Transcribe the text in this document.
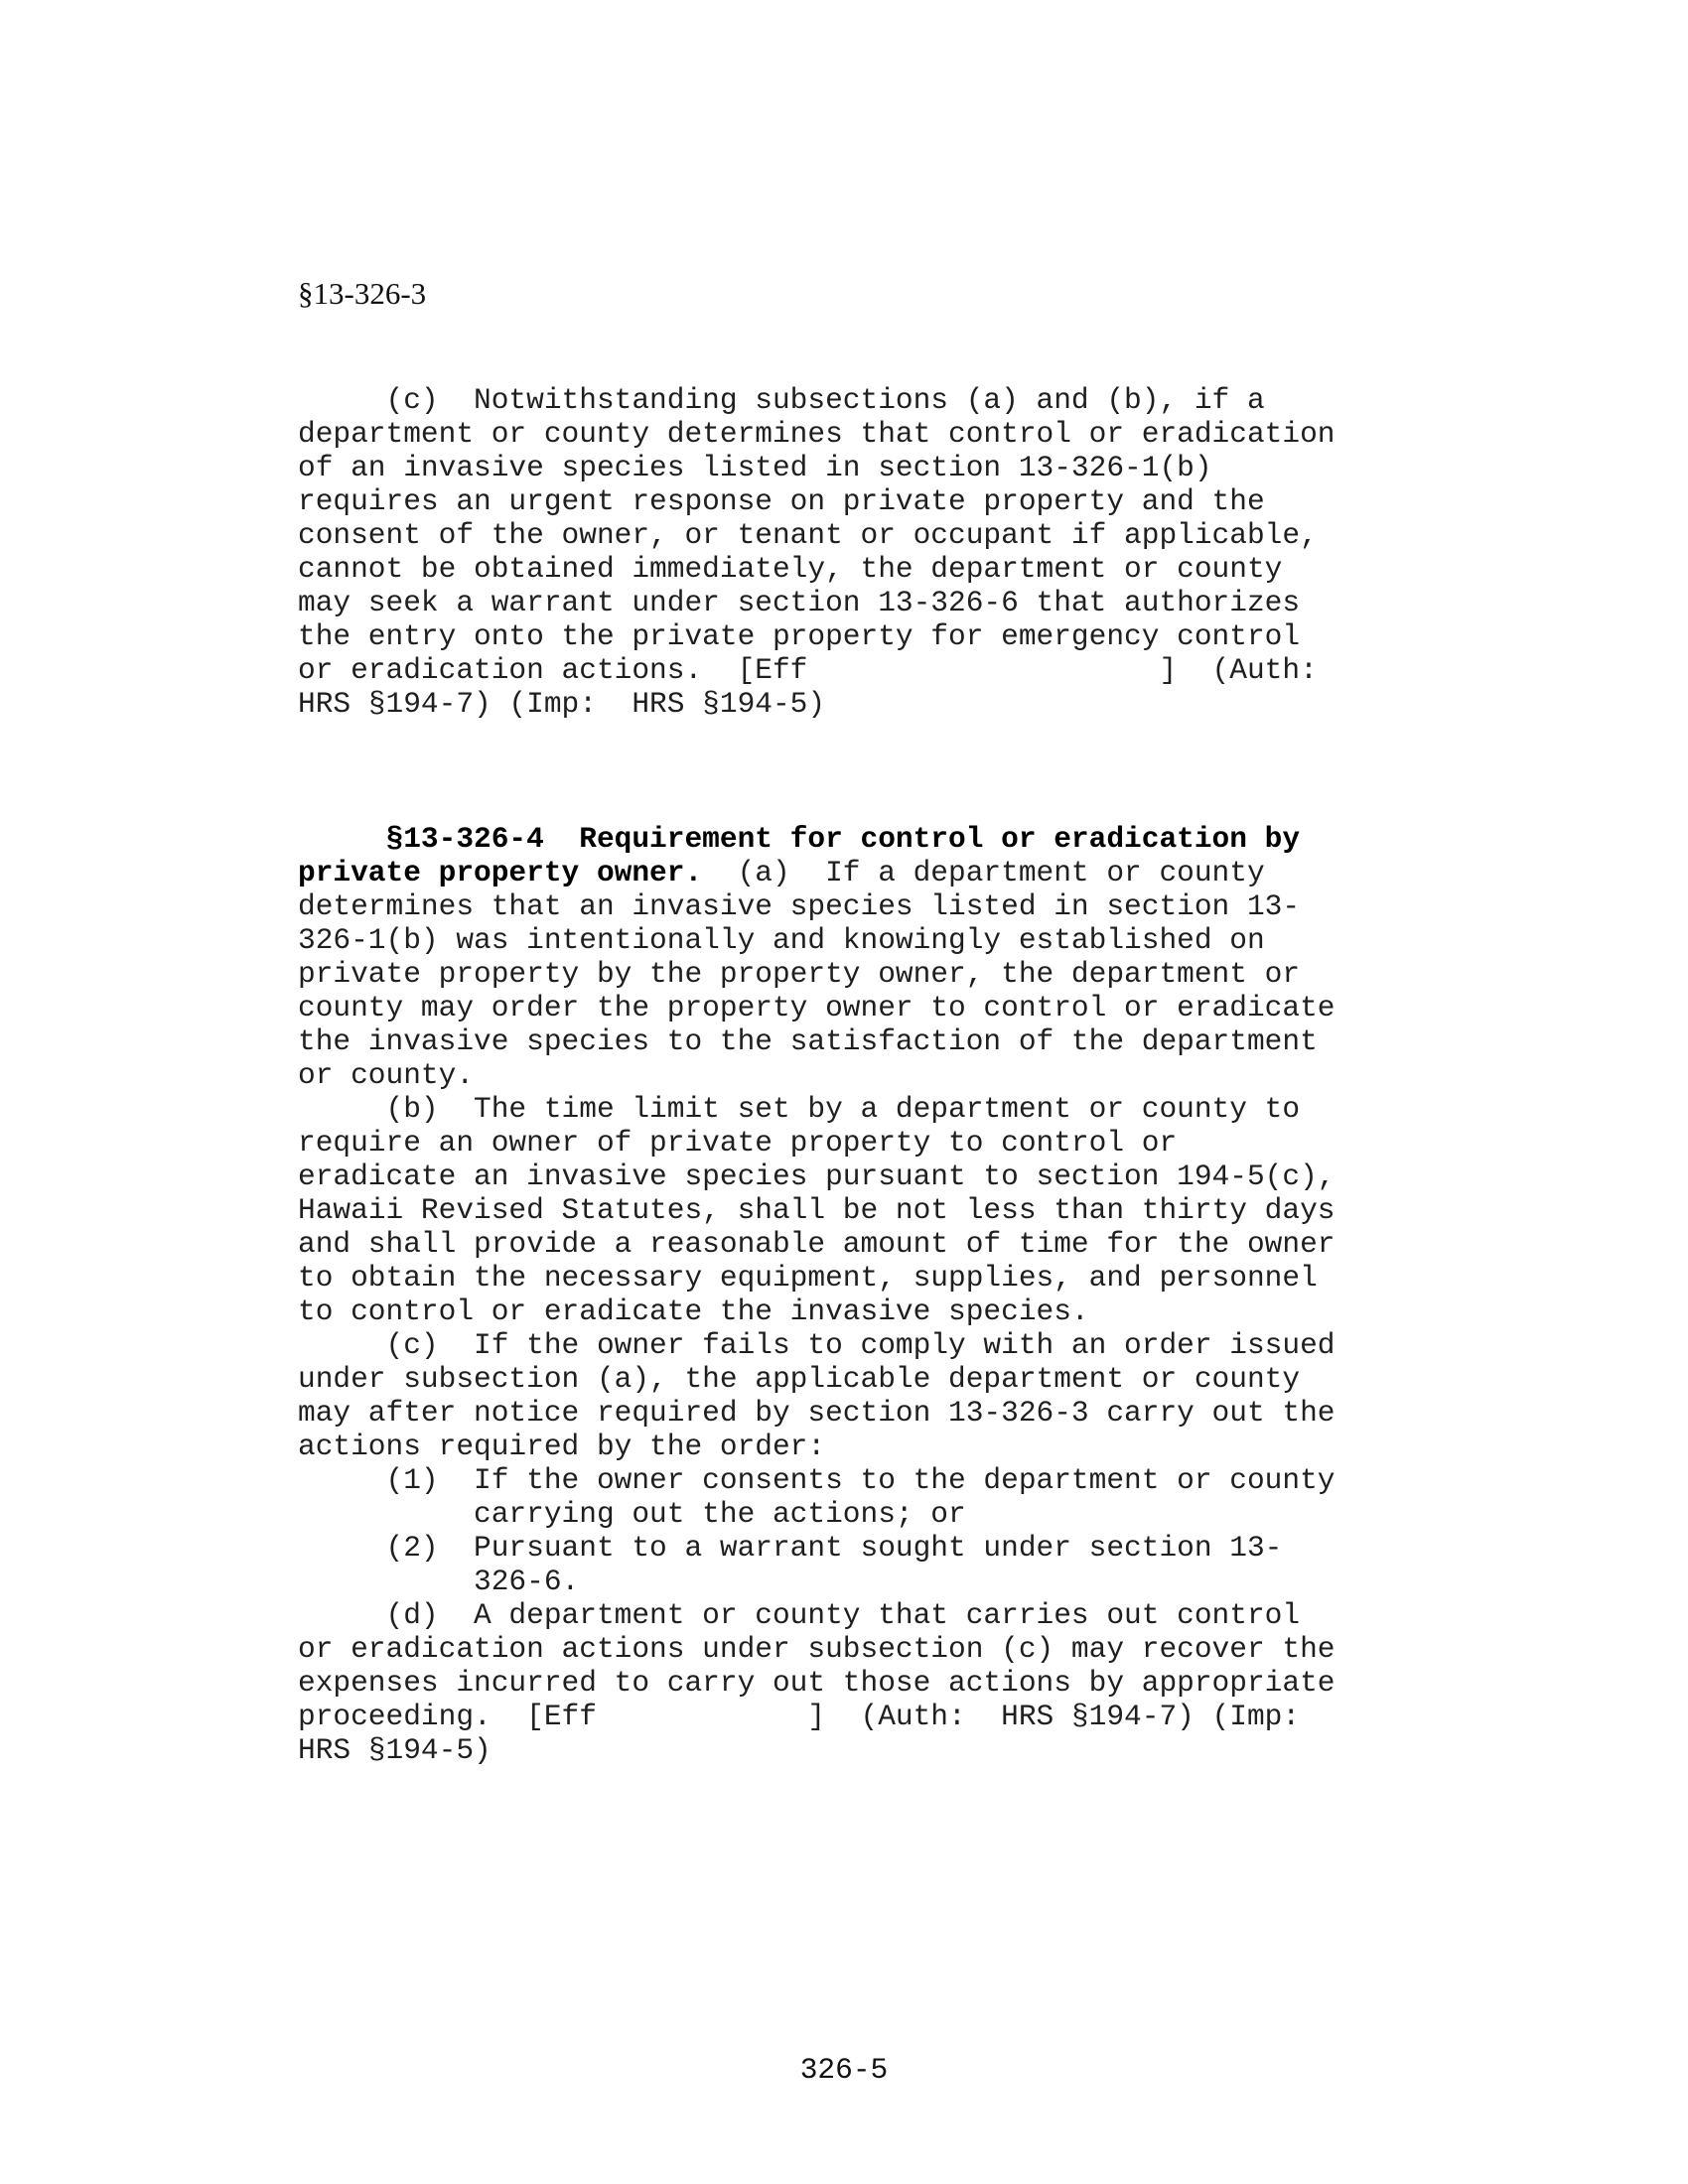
§13-326-3
(c)  Notwithstanding subsections (a) and (b), if a
department or county determines that control or eradication
of an invasive species listed in section 13-326-1(b)
requires an urgent response on private property and the
consent of the owner, or tenant or occupant if applicable,
cannot be obtained immediately, the department or county
may seek a warrant under section 13-326-6 that authorizes
the entry onto the private property for emergency control
or eradication actions.  [Eff                    ]  (Auth:
HRS §194-7) (Imp:  HRS §194-5)
§13-326-4  Requirement for control or eradication by
private property owner.  (a)  If a department or county
determines that an invasive species listed in section 13-
326-1(b) was intentionally and knowingly established on
private property by the property owner, the department or
county may order the property owner to control or eradicate
the invasive species to the satisfaction of the department
or county.
(b)  The time limit set by a department or county to
require an owner of private property to control or
eradicate an invasive species pursuant to section 194-5(c),
Hawaii Revised Statutes, shall be not less than thirty days
and shall provide a reasonable amount of time for the owner
to obtain the necessary equipment, supplies, and personnel
to control or eradicate the invasive species.
(c)  If the owner fails to comply with an order issued
under subsection (a), the applicable department or county
may after notice required by section 13-326-3 carry out the
actions required by the order:
(1)  If the owner consents to the department or county
carrying out the actions; or
(2)  Pursuant to a warrant sought under section 13-
326-6.
(d)  A department or county that carries out control
or eradication actions under subsection (c) may recover the
expenses incurred to carry out those actions by appropriate
proceeding.  [Eff            ]  (Auth:  HRS §194-7) (Imp:
HRS §194-5)
326-5
